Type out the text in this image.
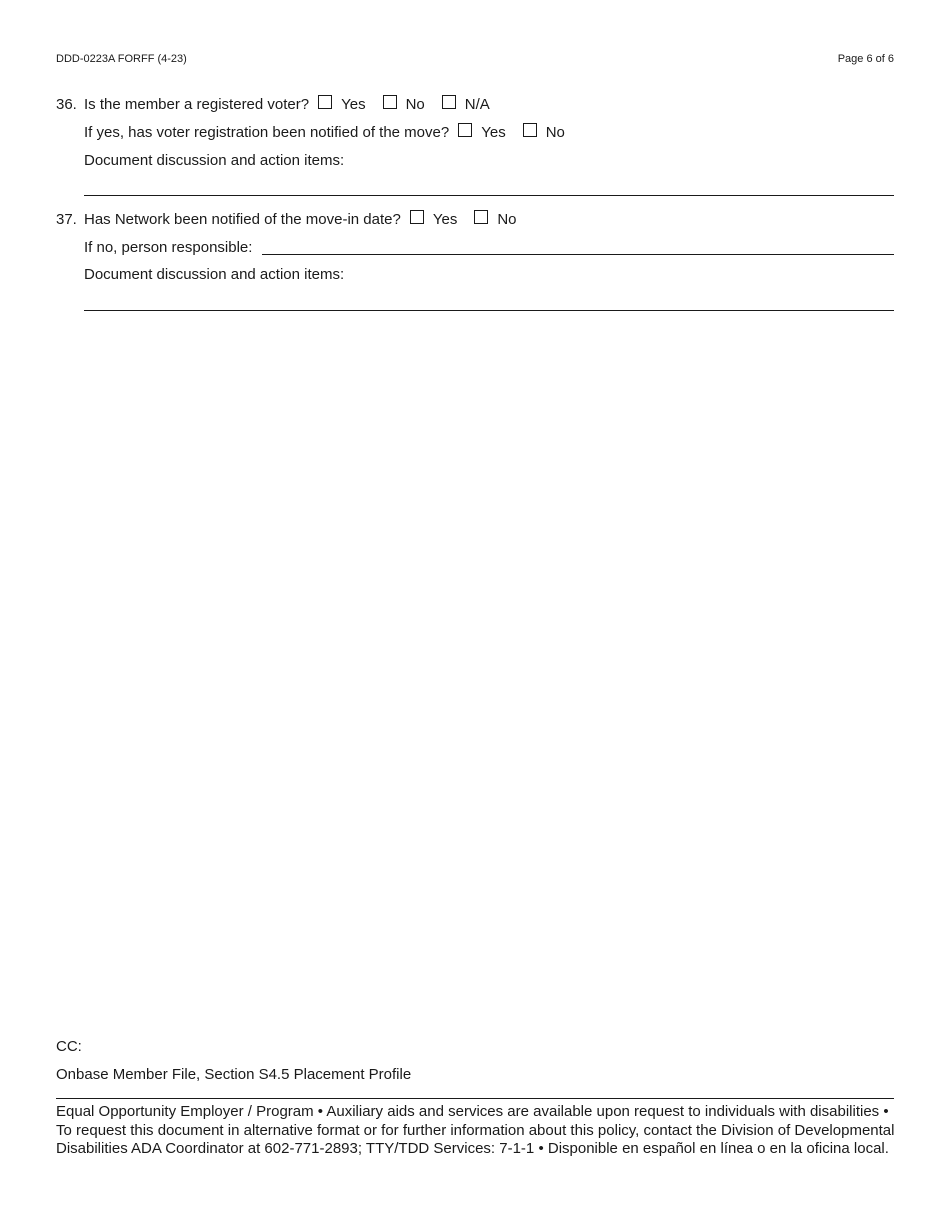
DDD-0223A FORFF (4-23)	Page 6 of 6
36. Is the member a registered voter? Yes	No	N/A
If yes, has voter registration been notified of the move? Yes	No
Document discussion and action items:
37. Has Network been notified of the move-in date? Yes	No
If no, person responsible:
Document discussion and action items:
CC:
Onbase Member File, Section S4.5 Placement Profile
Equal Opportunity Employer / Program • Auxiliary aids and services are available upon request to individuals with disabilities • To request this document in alternative format or for further information about this policy, contact the Division of Developmental Disabilities ADA Coordinator at 602-771-2893; TTY/TDD Services: 7-1-1 • Disponible en español en línea o en la oficina local.
